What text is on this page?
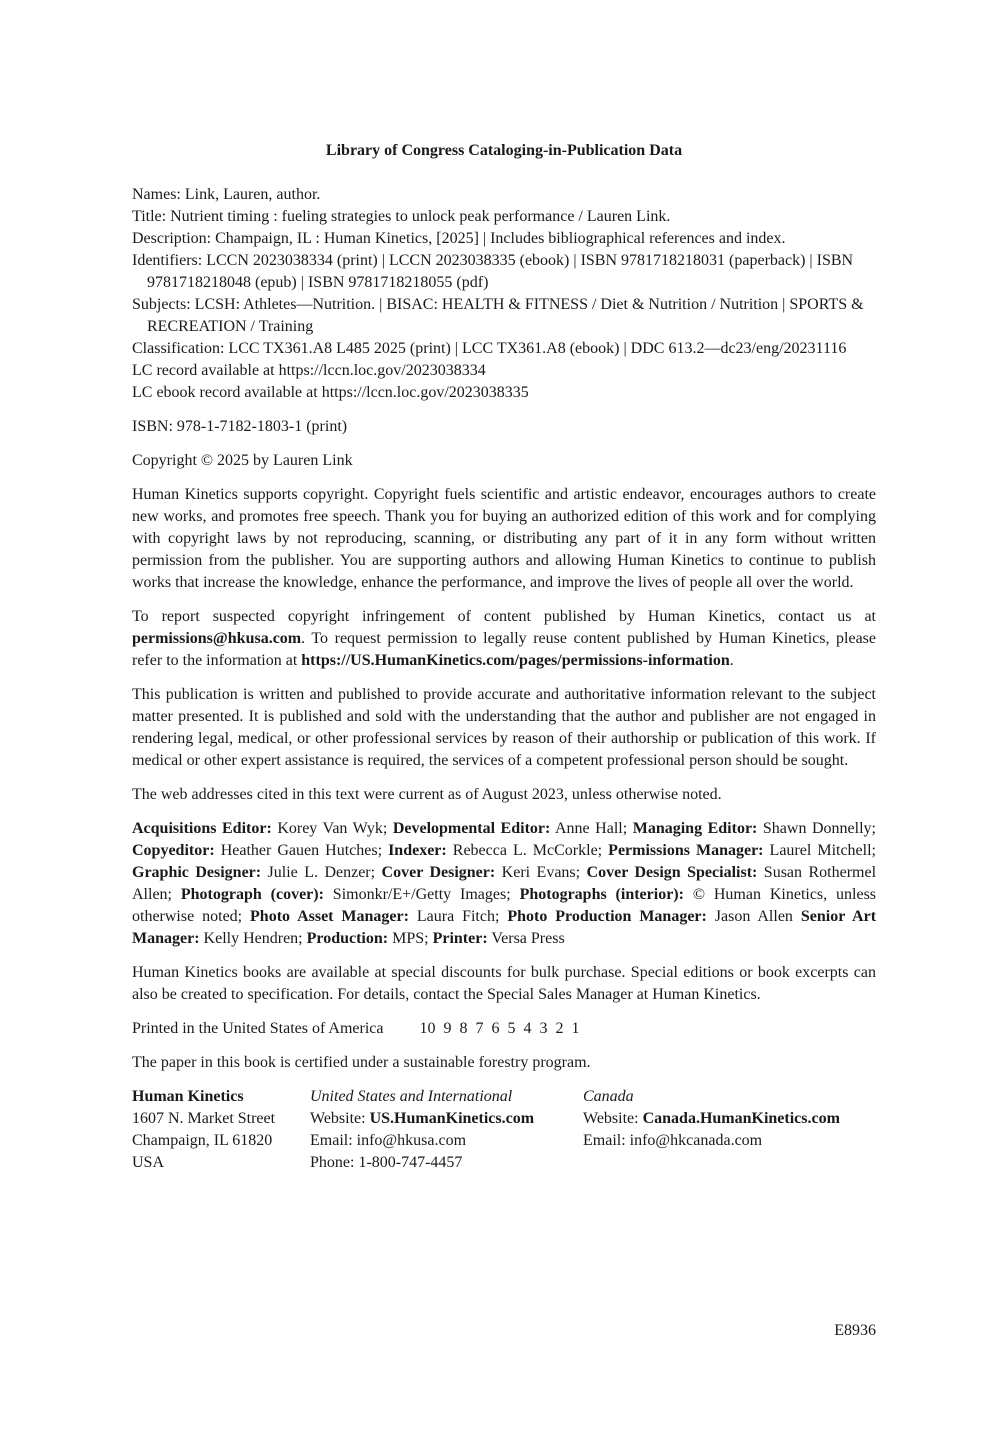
Library of Congress Cataloging-in-Publication Data
Names: Link, Lauren, author.
Title: Nutrient timing : fueling strategies to unlock peak performance / Lauren Link.
Description: Champaign, IL : Human Kinetics, [2025] | Includes bibliographical references and index.
Identifiers: LCCN 2023038334 (print) | LCCN 2023038335 (ebook) | ISBN 9781718218031 (paperback) | ISBN 9781718218048 (epub) | ISBN 9781718218055 (pdf)
Subjects: LCSH: Athletes—Nutrition. | BISAC: HEALTH & FITNESS / Diet & Nutrition / Nutrition | SPORTS & RECREATION / Training
Classification: LCC TX361.A8 L485 2025 (print) | LCC TX361.A8 (ebook) | DDC 613.2—dc23/eng/20231116
LC record available at https://lccn.loc.gov/2023038334
LC ebook record available at https://lccn.loc.gov/2023038335

ISBN: 978-1-7182-1803-1 (print)

Copyright © 2025 by Lauren Link

Human Kinetics supports copyright. Copyright fuels scientific and artistic endeavor, encourages authors to create new works, and promotes free speech. Thank you for buying an authorized edition of this work and for complying with copyright laws by not reproducing, scanning, or distributing any part of it in any form without written permission from the publisher. You are supporting authors and allowing Human Kinetics to continue to publish works that increase the knowledge, enhance the performance, and improve the lives of people all over the world.

To report suspected copyright infringement of content published by Human Kinetics, contact us at permissions@hkusa.com. To request permission to legally reuse content published by Human Kinetics, please refer to the information at https://US.HumanKinetics.com/pages/permissions-information.

This publication is written and published to provide accurate and authoritative information relevant to the subject matter presented. It is published and sold with the understanding that the author and publisher are not engaged in rendering legal, medical, or other professional services by reason of their authorship or publication of this work. If medical or other expert assistance is required, the services of a competent professional person should be sought.

The web addresses cited in this text were current as of August 2023, unless otherwise noted.

Acquisitions Editor: Korey Van Wyk; Developmental Editor: Anne Hall; Managing Editor: Shawn Donnelly; Copyeditor: Heather Gauen Hutches; Indexer: Rebecca L. McCorkle; Permissions Manager: Laurel Mitchell; Graphic Designer: Julie L. Denzer; Cover Designer: Keri Evans; Cover Design Specialist: Susan Rothermel Allen; Photograph (cover): Simonkr/E+/Getty Images; Photographs (interior): © Human Kinetics, unless otherwise noted; Photo Asset Manager: Laura Fitch; Photo Production Manager: Jason Allen Senior Art Manager: Kelly Hendren; Production: MPS; Printer: Versa Press

Human Kinetics books are available at special discounts for bulk purchase. Special editions or book excerpts can also be created to specification. For details, contact the Special Sales Manager at Human Kinetics.

Printed in the United States of America 10 9 8 7 6 5 4 3 2 1

The paper in this book is certified under a sustainable forestry program.

Human Kinetics
1607 N. Market Street
Champaign, IL 61820
USA
United States and International
Website: US.HumanKinetics.com
Email: info@hkusa.com
Phone: 1-800-747-4457
Canada
Website: Canada.HumanKinetics.com
Email: info@hkcanada.com
E8936
